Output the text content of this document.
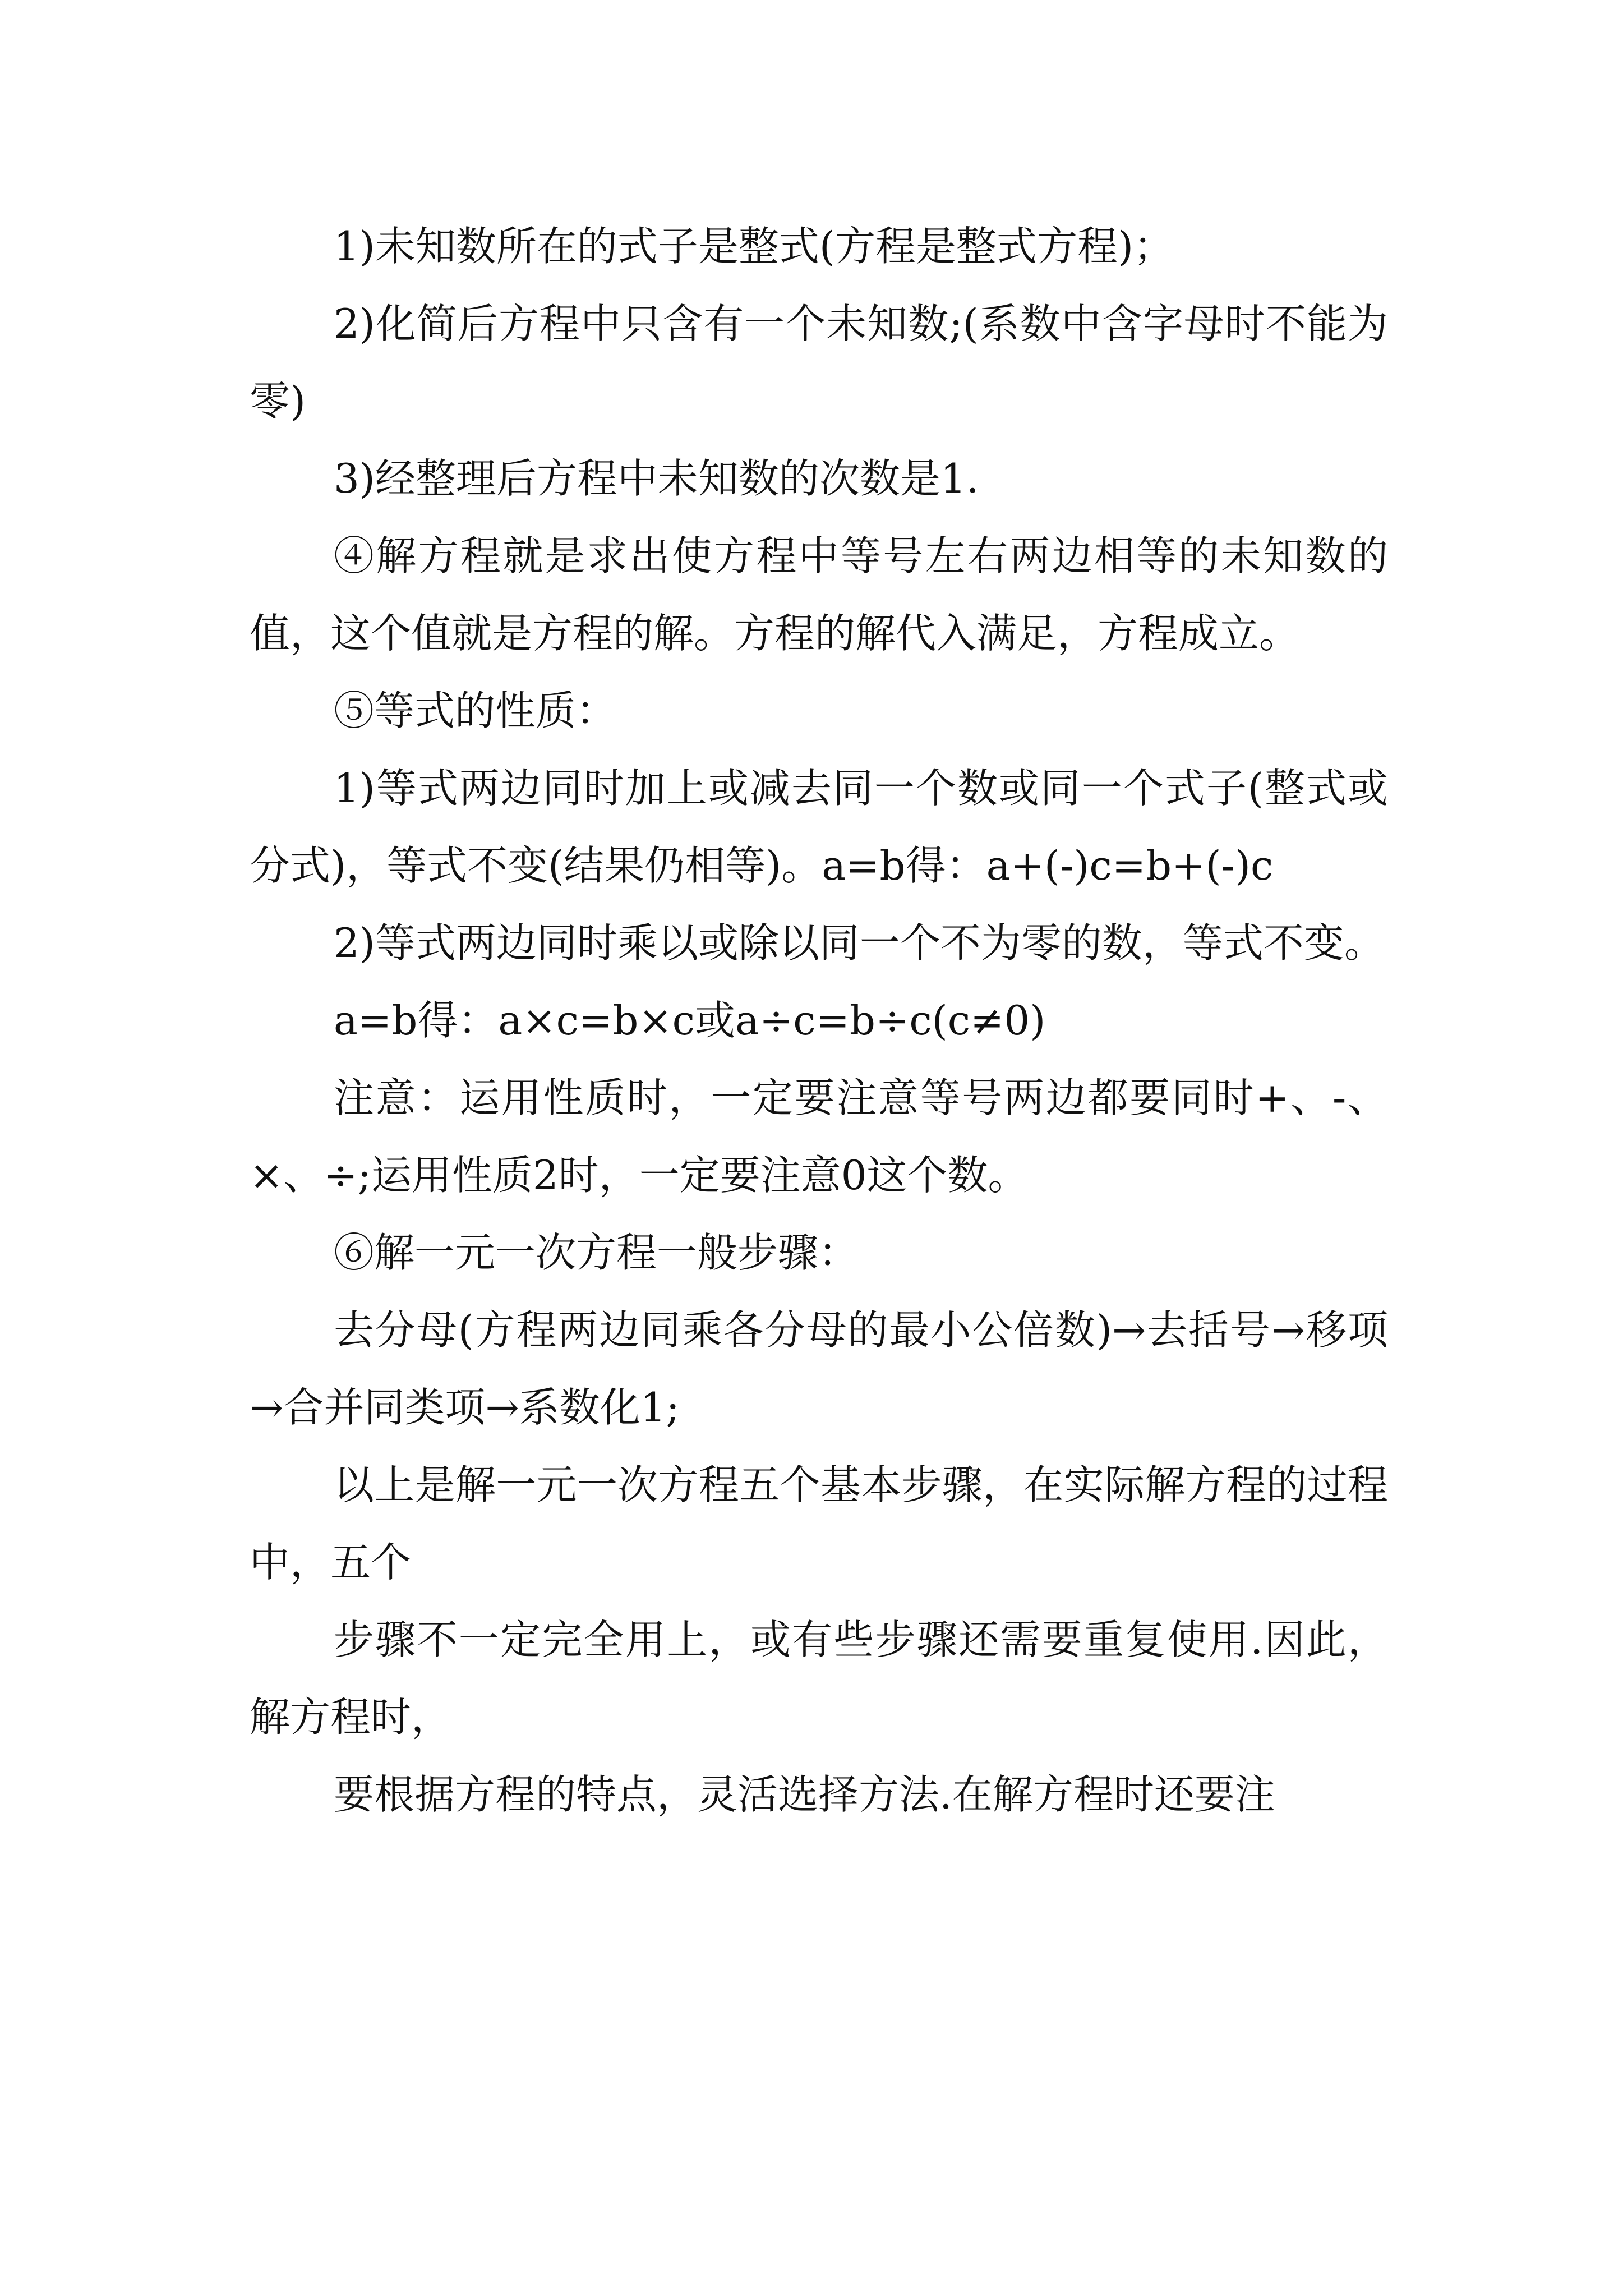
1)未知数所在的式子是整式(方程是整式方程)；

2)化简后方程中只含有一个未知数;(系数中含字母时不能为零)

3)经整理后方程中未知数的次数是1.

④解方程就是求出使方程中等号左右两边相等的未知数的值，这个值就是方程的解。方程的解代入满足，方程成立。

⑤等式的性质：

1)等式两边同时加上或减去同一个数或同一个式子(整式或分式)，等式不变(结果仍相等)。a=b得：a+(-)c=b+(-)c

2)等式两边同时乘以或除以同一个不为零的数，等式不变。

a=b得：a×c=b×c或a÷c=b÷c(c≠0)

注意：运用性质时，一定要注意等号两边都要同时+、-、×、÷;运用性质2时，一定要注意0这个数。

⑥解一元一次方程一般步骤：

去分母(方程两边同乘各分母的最小公倍数)→去括号→移项→合并同类项→系数化1;

以上是解一元一次方程五个基本步骤，在实际解方程的过程中，五个

步骤不一定完全用上，或有些步骤还需要重复使用.因此，解方程时，

要根据方程的特点，灵活选择方法.在解方程时还要注
